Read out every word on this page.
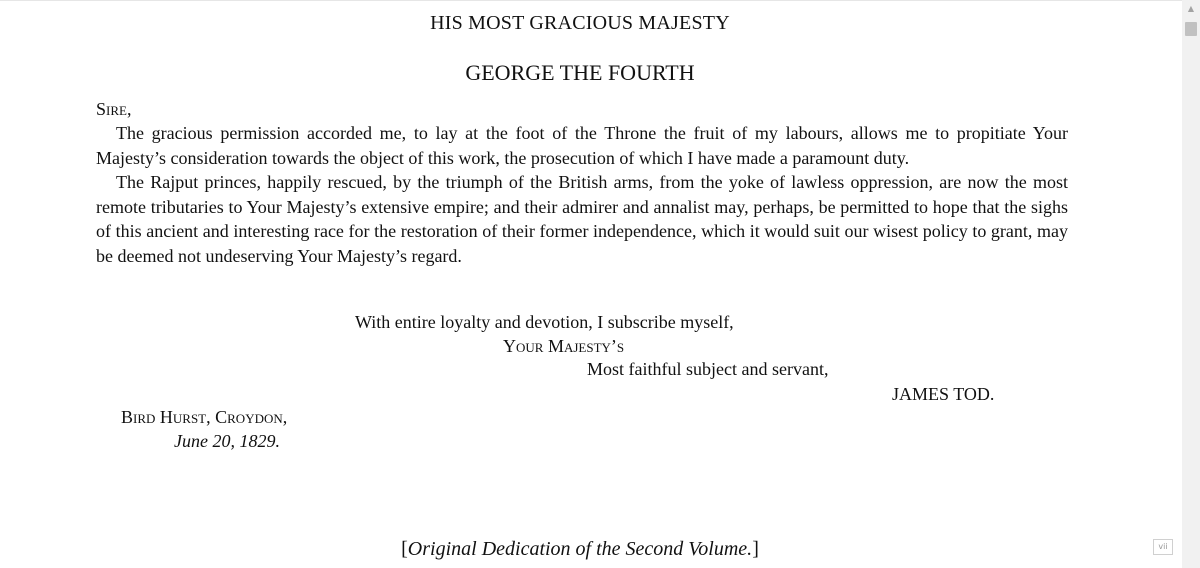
HIS MOST GRACIOUS MAJESTY
GEORGE THE FOURTH
Sire,

The gracious permission accorded me, to lay at the foot of the Throne the fruit of my labours, allows me to propitiate Your Majesty’s consideration towards the object of this work, the prosecution of which I have made a paramount duty.

The Rajput princes, happily rescued, by the triumph of the British arms, from the yoke of lawless oppression, are now the most remote tributaries to Your Majesty’s extensive empire; and their admirer and annalist may, perhaps, be permitted to hope that the sighs of this ancient and interesting race for the restoration of their former independence, which it would suit our wisest policy to grant, may be deemed not undeserving Your Majesty’s regard.

With entire loyalty and devotion, I subscribe myself,
Your Majesty’s
Most faithful subject and servant,
JAMES TOD.
Bird Hurst, Croydon,
June 20, 1829.
[Original Dedication of the Second Volume.]	vii
▲
